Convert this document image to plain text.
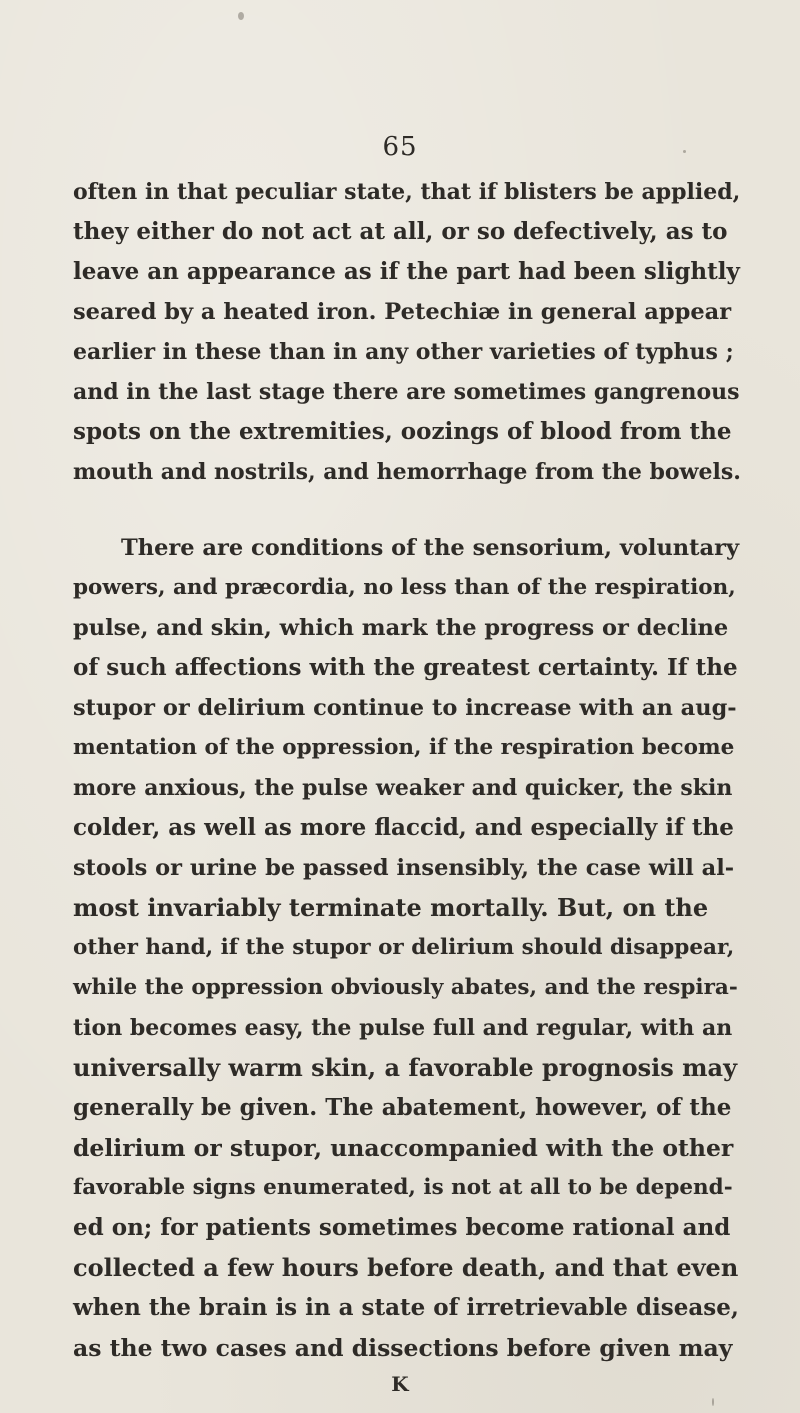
65
often in that peculiar state, that if blisters be applied,
they either do not act at all, or so defectively, as to
leave an appearance as if the part had been slightly
seared by a heated iron. Petechiæ in general appear
earlier in these than in any other varieties of typhus ;
and in the last stage there are sometimes gangrenous
spots on the extremities, oozings of blood from the
mouth and nostrils, and hemorrhage from the bowels.
There are conditions of the sensorium, voluntary
powers, and præcordia, no less than of the respiration,
pulse, and skin, which mark the progress or decline
of such affections with the greatest certainty. If the
stupor or delirium continue to increase with an aug-
mentation of the oppression, if the respiration become
more anxious, the pulse weaker and quicker, the skin
colder, as well as more flaccid, and especially if the
stools or urine be passed insensibly, the case will al-
most invariably terminate mortally. But, on the
other hand, if the stupor or delirium should disappear,
while the oppression obviously abates, and the respira-
tion becomes easy, the pulse full and regular, with an
universally warm skin, a favorable prognosis may
generally be given. The abatement, however, of the
delirium or stupor, unaccompanied with the other
favorable signs enumerated, is not at all to be depend-
ed on; for patients sometimes become rational and
collected a few hours before death, and that even
when the brain is in a state of irretrievable disease,
as the two cases and dissections before given may
K
